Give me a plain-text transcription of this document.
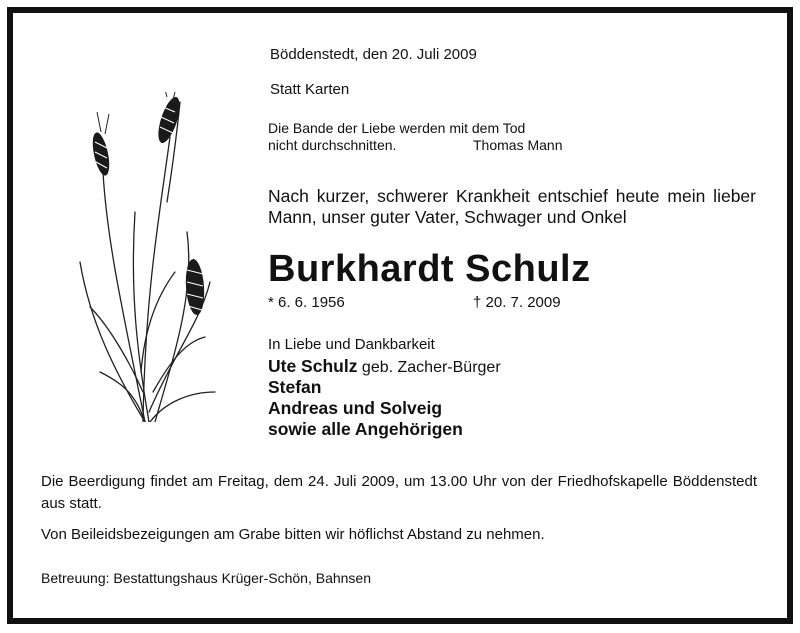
Böddenstedt, den 20. Juli 2009
Statt Karten
Die Bande der Liebe werden mit dem Tod
nicht durchschnitten.	Thomas Mann
Nach kurzer, schwerer Krankheit entschief heute mein lieber Mann, unser guter Vater, Schwager und Onkel
Burkhardt Schulz
* 6. 6. 1956	† 20. 7. 2009
In Liebe und Dankbarkeit
Ute Schulz geb. Zacher-Bürger
Stefan
Andreas und Solveig
sowie alle Angehörigen
Die Beerdigung findet am Freitag, dem 24. Juli 2009, um 13.00 Uhr von der Friedhofskapelle Böddenstedt aus statt.
Von Beileidsbezeigungen am Grabe bitten wir höflichst Abstand zu nehmen.
Betreuung: Bestattungshaus Krüger-Schön, Bahnsen
